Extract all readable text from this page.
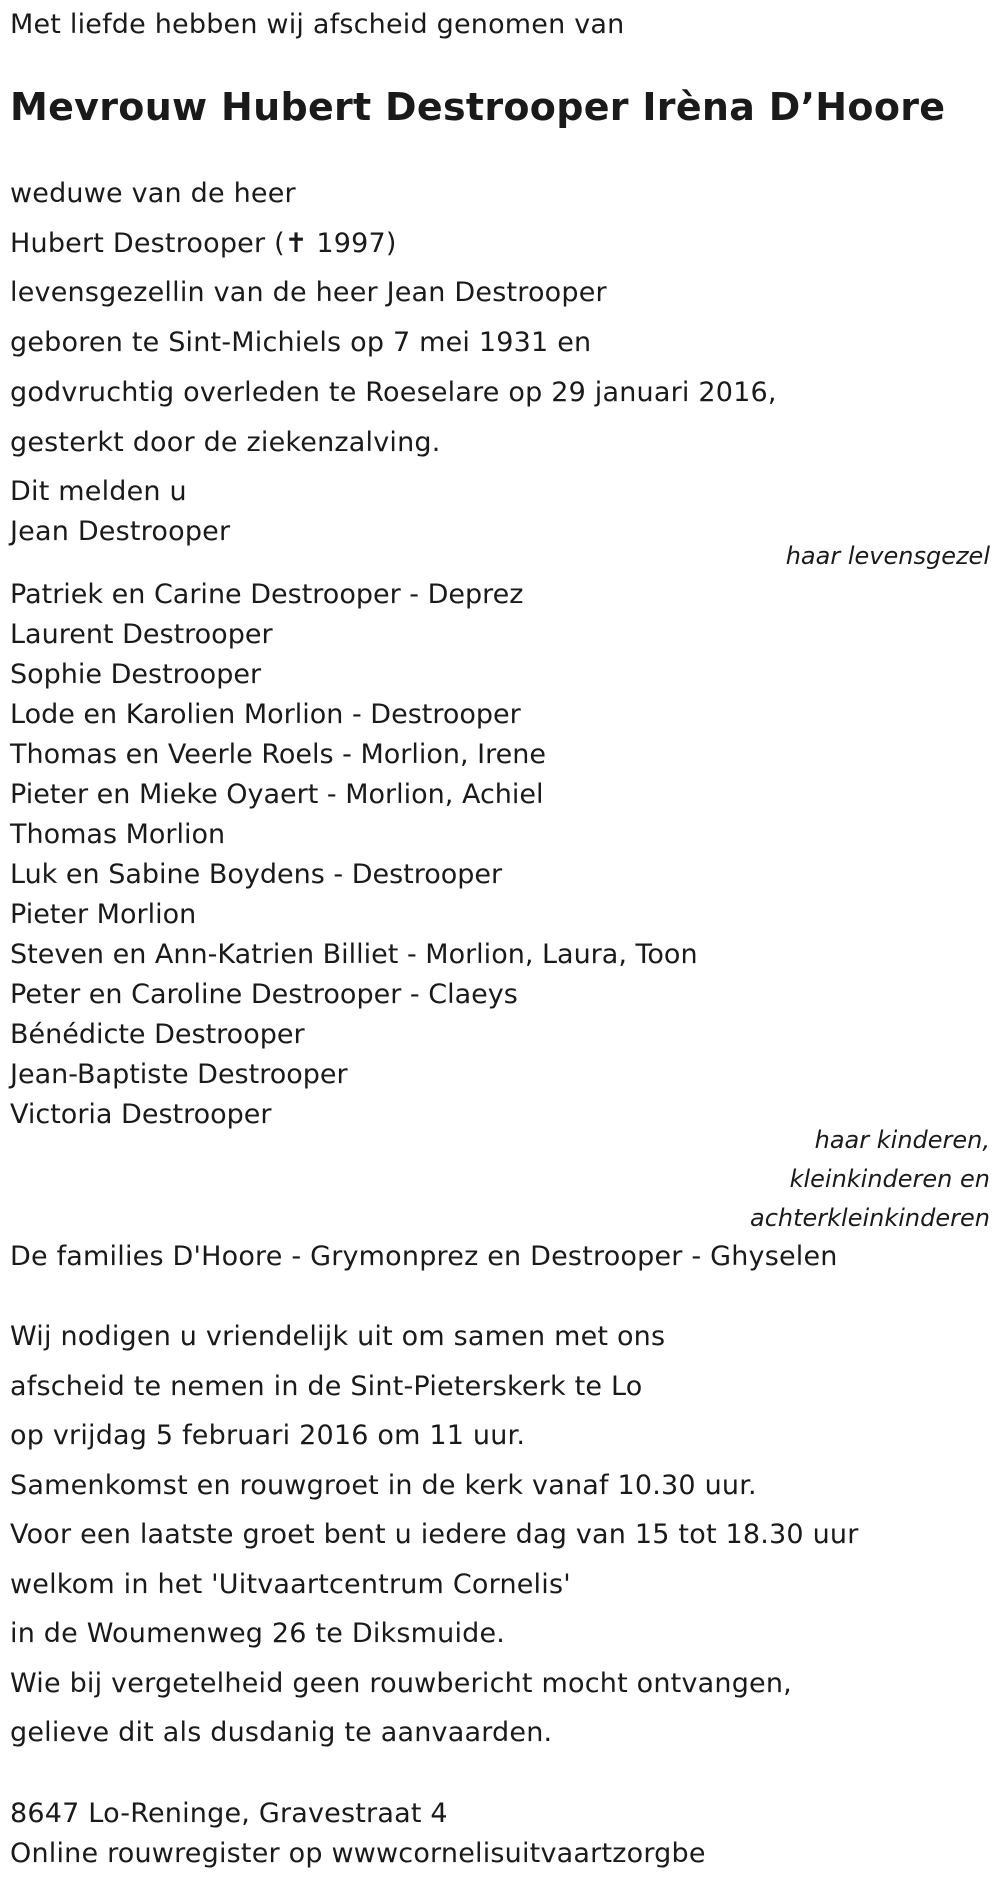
Met liefde hebben wij afscheid genomen van
Mevrouw Hubert Destrooper Irèna D’Hoore
weduwe van de heer
Hubert Destrooper (✝ 1997)
levensgezellin van de heer Jean Destrooper
geboren te Sint-Michiels op 7 mei 1931 en
godvruchtig overleden te Roeselare op 29 januari 2016,
gesterkt door de ziekenzalving.
Dit melden u
Jean Destrooper
haar levensgezel
Patriek en Carine Destrooper - Deprez
Laurent Destrooper
Sophie Destrooper
Lode en Karolien Morlion - Destrooper
Thomas en Veerle Roels - Morlion, Irene
Pieter en Mieke Oyaert - Morlion, Achiel
Thomas Morlion
Luk en Sabine Boydens - Destrooper
Pieter Morlion
Steven en Ann-Katrien Billiet - Morlion, Laura, Toon
Peter en Caroline Destrooper - Claeys
Bénédicte Destrooper
Jean-Baptiste Destrooper
Victoria Destrooper
haar kinderen,
kleinkinderen en
achterkleinkinderen
De families D'Hoore - Grymonprez en Destrooper - Ghyselen
Wij nodigen u vriendelijk uit om samen met ons
afscheid te nemen in de Sint-Pieterskerk te Lo
op vrijdag 5 februari 2016 om 11 uur.
Samenkomst en rouwgroet in de kerk vanaf 10.30 uur.
Voor een laatste groet bent u iedere dag van 15 tot 18.30 uur
welkom in het 'Uitvaartcentrum Cornelis'
in de Woumenweg 26 te Diksmuide.
Wie bij vergetelheid geen rouwbericht mocht ontvangen,
gelieve dit als dusdanig te aanvaarden.
8647 Lo-Reninge, Gravestraat 4
Online rouwregister op wwwcornelisuitvaartzorgbe
